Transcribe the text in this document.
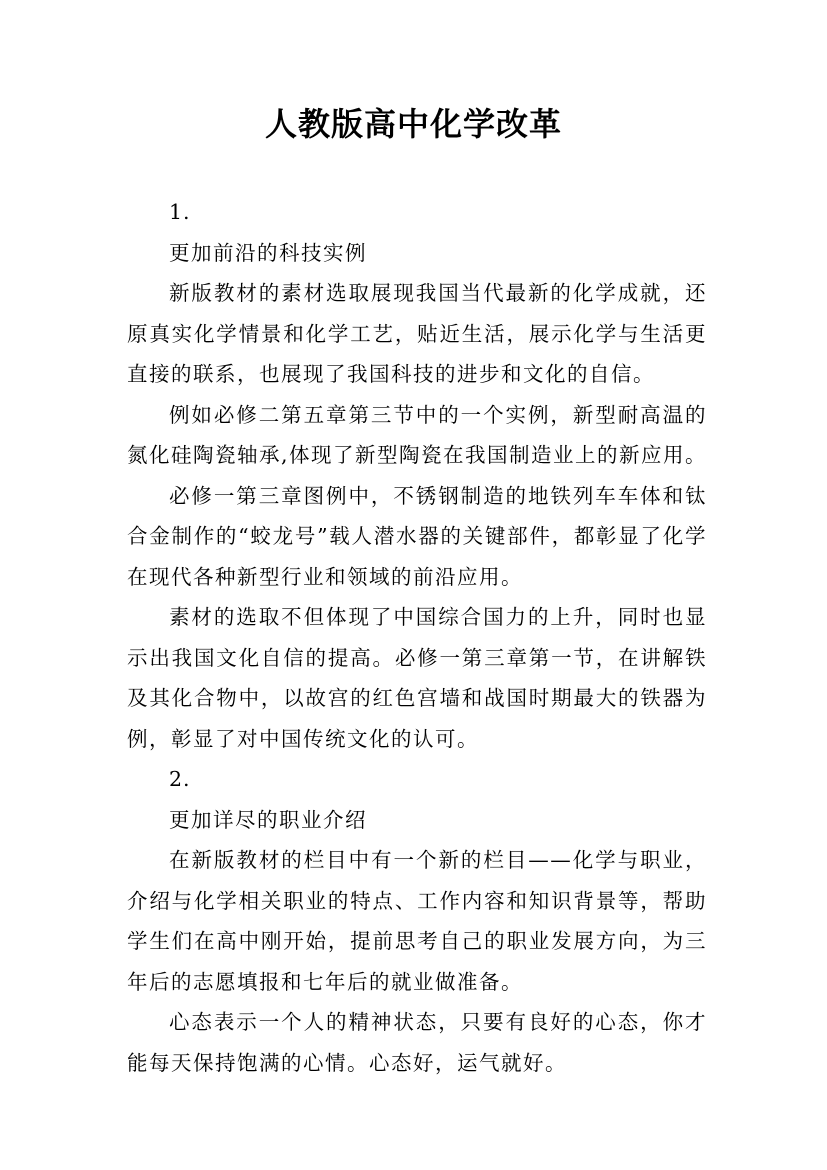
人教版高中化学改革

1.

更加前沿的科技实例

新版教材的素材选取展现我国当代最新的化学成就，还原真实化学情景和化学工艺，贴近生活，展示化学与生活更直接的联系，也展现了我国科技的进步和文化的自信。

例如必修二第五章第三节中的一个实例，新型耐高温的氮化硅陶瓷轴承,体现了新型陶瓷在我国制造业上的新应用。

必修一第三章图例中，不锈钢制造的地铁列车车体和钛合金制作的“蛟龙号”载人潜水器的关键部件，都彰显了化学在现代各种新型行业和领域的前沿应用。

素材的选取不但体现了中国综合国力的上升，同时也显示出我国文化自信的提高。必修一第三章第一节，在讲解铁及其化合物中，以故宫的红色宫墙和战国时期最大的铁器为例，彰显了对中国传统文化的认可。

2.

更加详尽的职业介绍

在新版教材的栏目中有一个新的栏目——化学与职业，介绍与化学相关职业的特点、工作内容和知识背景等，帮助学生们在高中刚开始，提前思考自己的职业发展方向，为三年后的志愿填报和七年后的就业做准备。

心态表示一个人的精神状态，只要有良好的心态，你才能每天保持饱满的心情。心态好，运气就好。
